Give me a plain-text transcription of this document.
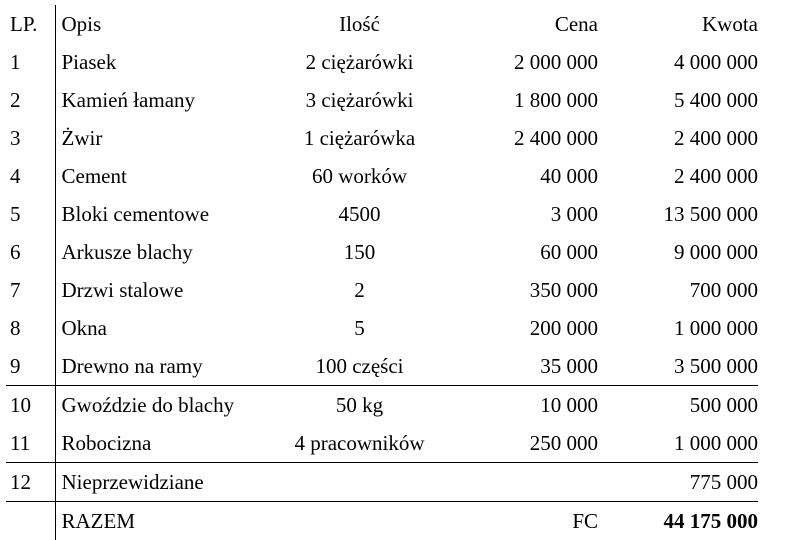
LP.	Opis	Ilość	Cena	Kwota
1	Piasek	2 ciężarówki	2 000 000	4 000 000
2	Kamień łamany	3 ciężarówki	1 800 000	5 400 000
3	Żwir	1 ciężarówka	2 400 000	2 400 000
4	Cement	60 worków	40 000	2 400 000
5	Bloki cementowe	4500	3 000	13 500 000
6	Arkusze blachy	150	60 000	9 000 000
7	Drzwi stalowe	2	350 000	700 000
8	Okna	5	200 000	1 000 000
9	Drewno na ramy	100 części	35 000	3 500 000
10	Gwoździe do blachy	50 kg	10 000	500 000
11	Robocizna	4 pracowników	250 000	1 000 000
12	Nieprzewidziane			775 000
	RAZEM		FC	44 175 000
